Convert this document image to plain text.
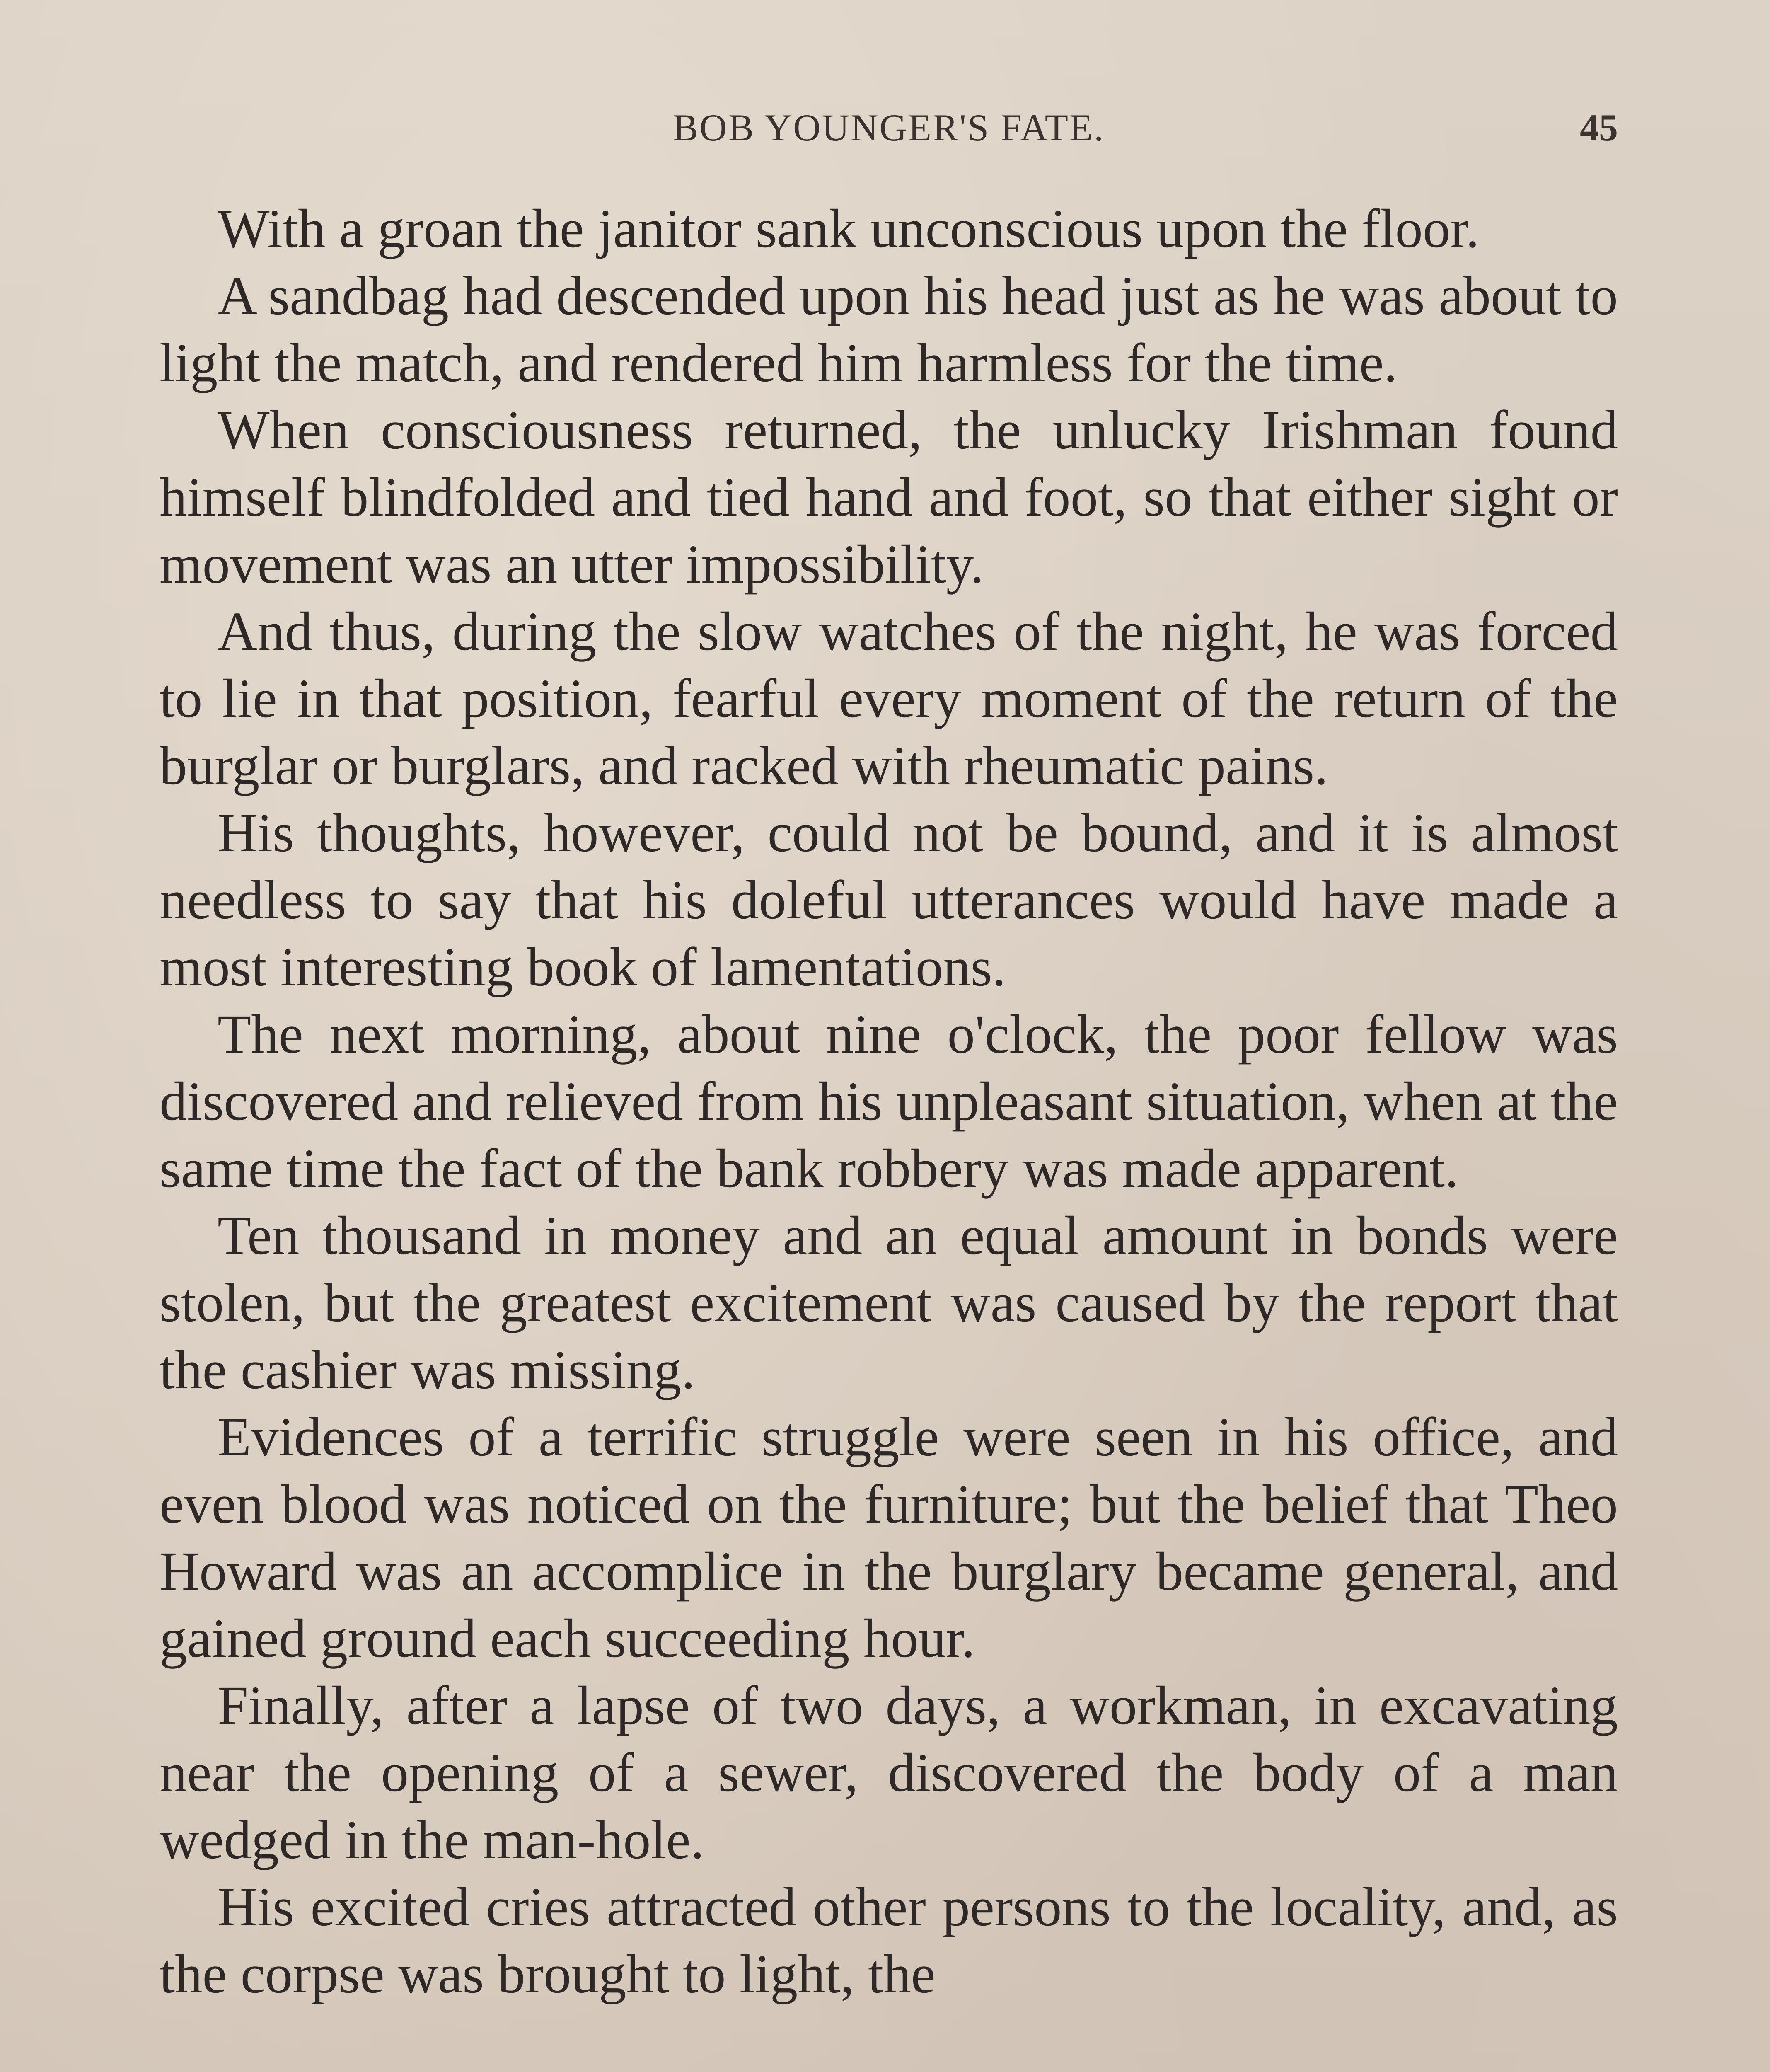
BOB YOUNGER'S FATE.	45

With a groan the janitor sank unconscious upon the floor.

A sandbag had descended upon his head just as he was about to light the match, and rendered him harmless for the time.

When consciousness returned, the unlucky Irishman found himself blindfolded and tied hand and foot, so that either sight or movement was an utter impossibility.

And thus, during the slow watches of the night, he was forced to lie in that position, fearful every moment of the return of the burglar or burglars, and racked with rheumatic pains.

His thoughts, however, could not be bound, and it is almost needless to say that his doleful utterances would have made a most interesting book of lamentations.

The next morning, about nine o'clock, the poor fellow was discovered and relieved from his unpleasant situation, when at the same time the fact of the bank robbery was made apparent.

Ten thousand in money and an equal amount in bonds were stolen, but the greatest excitement was caused by the report that the cashier was missing.

Evidences of a terrific struggle were seen in his office, and even blood was noticed on the furniture; but the belief that Theo Howard was an accomplice in the burglary became general, and gained ground each succeeding hour.

Finally, after a lapse of two days, a workman, in excavating near the opening of a sewer, discovered the body of a man wedged in the man-hole.

His excited cries attracted other persons to the locality, and, as the corpse was brought to light, the
